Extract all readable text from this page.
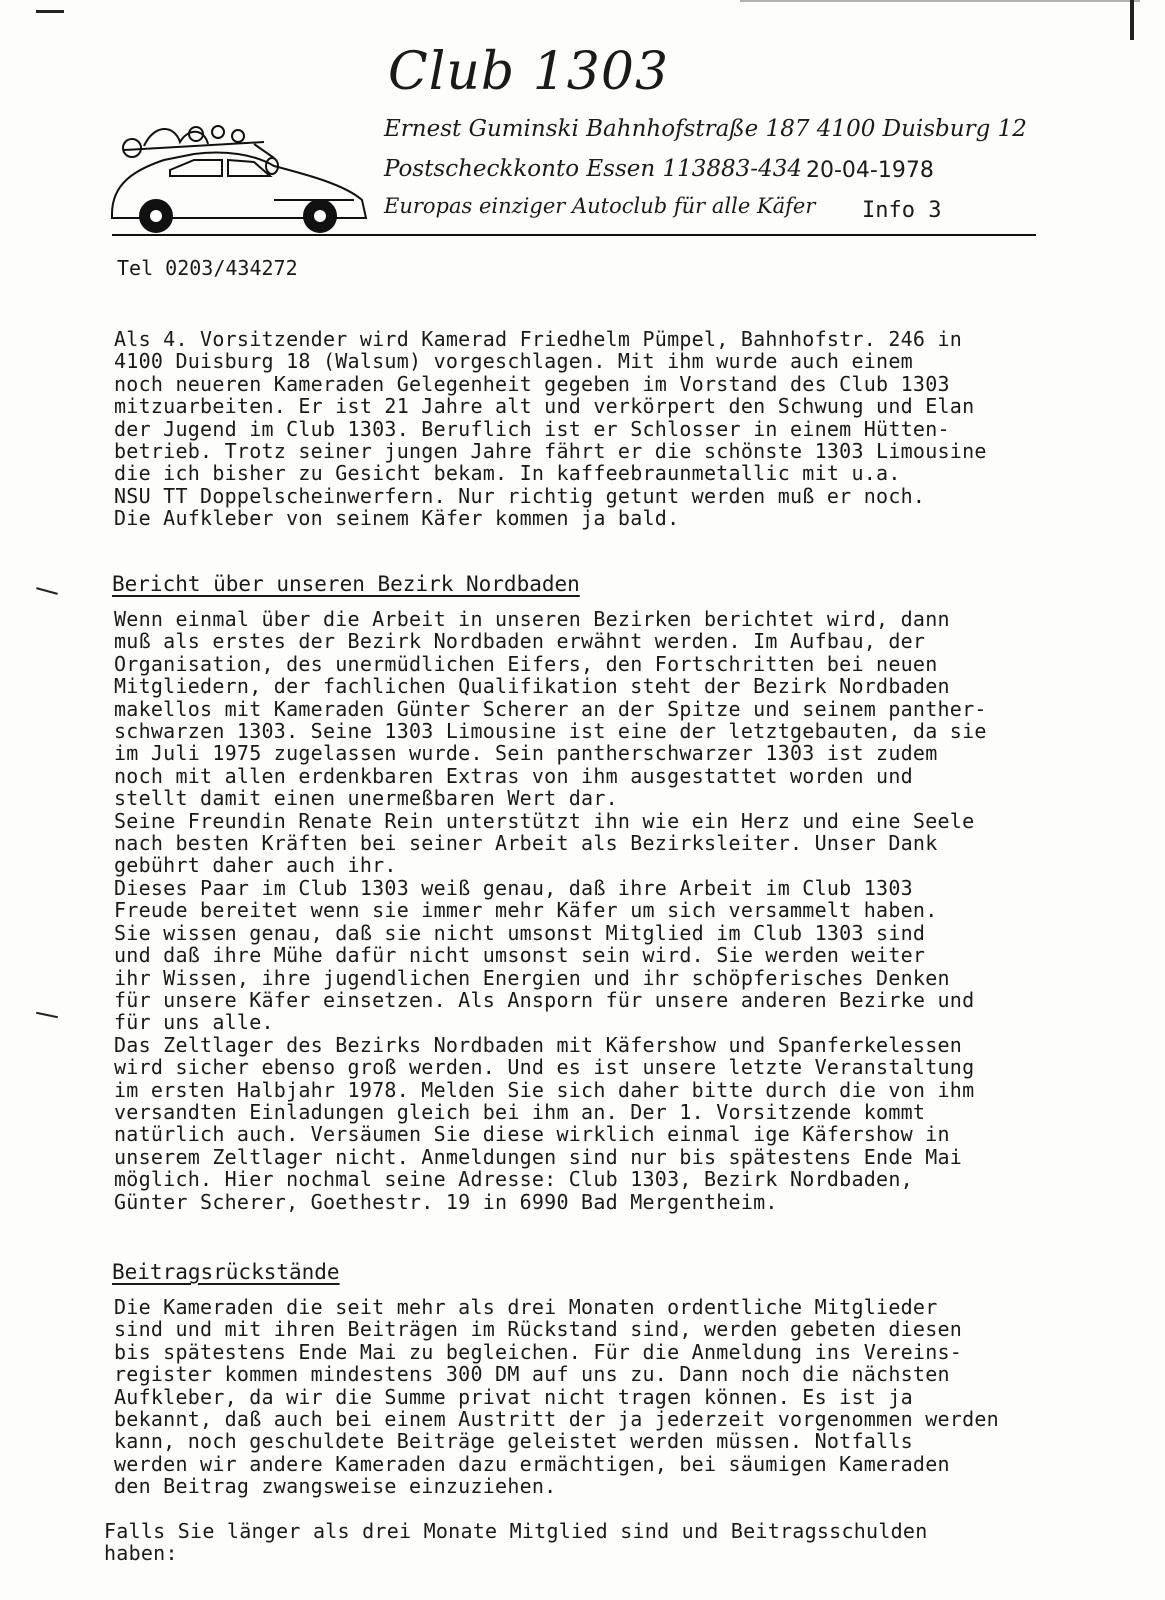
Club 1303
Ernest Guminski Bahnhofstraße 187 4100 Duisburg 12
Postscheckkonto Essen 113883-434 20-04-1978
Europas einziger Autoclub für alle Käfer Info 3
Tel 0203/434272
Als 4. Vorsitzender wird Kamerad Friedhelm Pümpel, Bahnhofstr. 246 in
4100 Duisburg 18 (Walsum) vorgeschlagen. Mit ihm wurde auch einem
noch neueren Kameraden Gelegenheit gegeben im Vorstand des Club 1303
mitzuarbeiten. Er ist 21 Jahre alt und verkörpert den Schwung und Elan
der Jugend im Club 1303. Beruflich ist er Schlosser in einem Hütten-
betrieb. Trotz seiner jungen Jahre fährt er die schönste 1303 Limousine
die ich bisher zu Gesicht bekam. In kaffeebraunmetallic mit u.a.
NSU TT Doppelscheinwerfern. Nur richtig getunt werden muß er noch.
Die Aufkleber von seinem Käfer kommen ja bald.
Bericht über unseren Bezirk Nordbaden
Wenn einmal über die Arbeit in unseren Bezirken berichtet wird, dann
muß als erstes der Bezirk Nordbaden erwähnt werden. Im Aufbau, der
Organisation, des unermüdlichen Eifers, den Fortschritten bei neuen
Mitgliedern, der fachlichen Qualifikation steht der Bezirk Nordbaden
makellos mit Kameraden Günter Scherer an der Spitze und seinem panther-
schwarzen 1303. Seine 1303 Limousine ist eine der letztgebauten, da sie
im Juli 1975 zugelassen wurde. Sein pantherschwarzer 1303 ist zudem
noch mit allen erdenkbaren Extras von ihm ausgestattet worden und
stellt damit einen unermeßbaren Wert dar.
Seine Freundin Renate Rein unterstützt ihn wie ein Herz und eine Seele
nach besten Kräften bei seiner Arbeit als Bezirksleiter. Unser Dank
gebührt daher auch ihr.
Dieses Paar im Club 1303 weiß genau, daß ihre Arbeit im Club 1303
Freude bereitet wenn sie immer mehr Käfer um sich versammelt haben.
Sie wissen genau, daß sie nicht umsonst Mitglied im Club 1303 sind
und daß ihre Mühe dafür nicht umsonst sein wird. Sie werden weiter
ihr Wissen, ihre jugendlichen Energien und ihr schöpferisches Denken
für unsere Käfer einsetzen. Als Ansporn für unsere anderen Bezirke und
für uns alle.
Das Zeltlager des Bezirks Nordbaden mit Käfershow und Spanferkelessen
wird sicher ebenso groß werden. Und es ist unsere letzte Veranstaltung
im ersten Halbjahr 1978. Melden Sie sich daher bitte durch die von ihm
versandten Einladungen gleich bei ihm an. Der 1. Vorsitzende kommt
natürlich auch. Versäumen Sie diese wirklich einmal ige Käfershow in
unserem Zeltlager nicht. Anmeldungen sind nur bis spätestens Ende Mai
möglich. Hier nochmal seine Adresse: Club 1303, Bezirk Nordbaden,
Günter Scherer, Goethestr. 19 in 6990 Bad Mergentheim.
Beitragsrückstände
Die Kameraden die seit mehr als drei Monaten ordentliche Mitglieder
sind und mit ihren Beiträgen im Rückstand sind, werden gebeten diesen
bis spätestens Ende Mai zu begleichen. Für die Anmeldung ins Vereins-
register kommen mindestens 300 DM auf uns zu. Dann noch die nächsten
Aufkleber, da wir die Summe privat nicht tragen können. Es ist ja
bekannt, daß auch bei einem Austritt der ja jederzeit vorgenommen werden
kann, noch geschuldete Beiträge geleistet werden müssen. Notfalls
werden wir andere Kameraden dazu ermächtigen, bei säumigen Kameraden
den Beitrag zwangsweise einzuziehen.
Falls Sie länger als drei Monate Mitglied sind und Beitragsschulden
haben:
